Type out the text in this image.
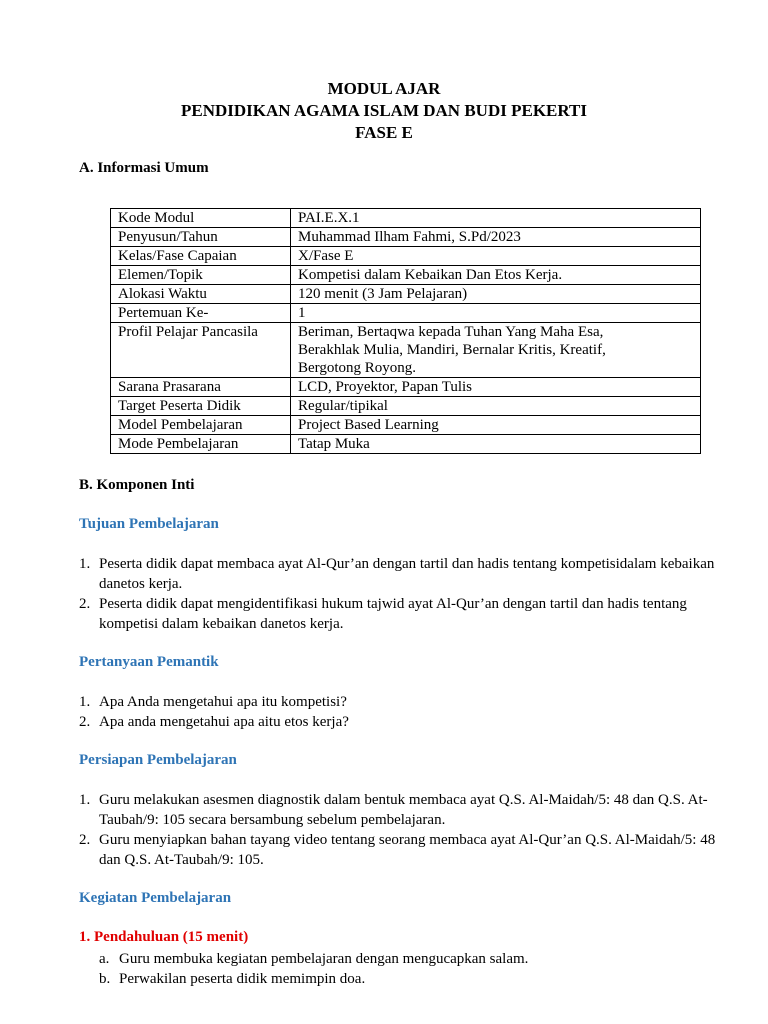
MODUL AJAR
PENDIDIKAN AGAMA ISLAM DAN BUDI PEKERTI
FASE E
A. Informasi Umum
Kode Modul	PAI.E.X.1
Penyusun/Tahun	Muhammad Ilham Fahmi, S.Pd/2023
Kelas/Fase Capaian	X/Fase E
Elemen/Topik	Kompetisi dalam Kebaikan Dan Etos Kerja.
Alokasi Waktu	120 menit (3 Jam Pelajaran)
Pertemuan Ke-	1
Profil Pelajar Pancasila	Beriman, Bertaqwa kepada Tuhan Yang Maha Esa, Berakhlak Mulia, Mandiri, Bernalar Kritis, Kreatif, Bergotong Royong.
Sarana Prasarana	LCD, Proyektor, Papan Tulis
Target Peserta Didik	Regular/tipikal
Model Pembelajaran	Project Based Learning
Mode Pembelajaran	Tatap Muka
B. Komponen Inti
Tujuan Pembelajaran
1. Peserta didik dapat membaca ayat Al-Qur’an dengan tartil dan hadis tentang kompetisidalam kebaikan danetos kerja.
2. Peserta didik dapat mengidentifikasi hukum tajwid ayat Al-Qur’an dengan tartil dan hadis tentang kompetisi dalam kebaikan danetos kerja.
Pertanyaan Pemantik
1. Apa Anda mengetahui apa itu kompetisi?
2. Apa anda mengetahui apa aitu etos kerja?
Persiapan Pembelajaran
1. Guru melakukan asesmen diagnostik dalam bentuk membaca ayat Q.S. Al-Maidah/5: 48 dan Q.S. At-Taubah/9: 105 secara bersambung sebelum pembelajaran.
2. Guru menyiapkan bahan tayang video tentang seorang membaca ayat Al-Qur’an Q.S. Al-Maidah/5: 48 dan Q.S. At-Taubah/9: 105.
Kegiatan Pembelajaran
1. Pendahuluan (15 menit)
a. Guru membuka kegiatan pembelajaran dengan mengucapkan salam.
b. Perwakilan peserta didik memimpin doa.
